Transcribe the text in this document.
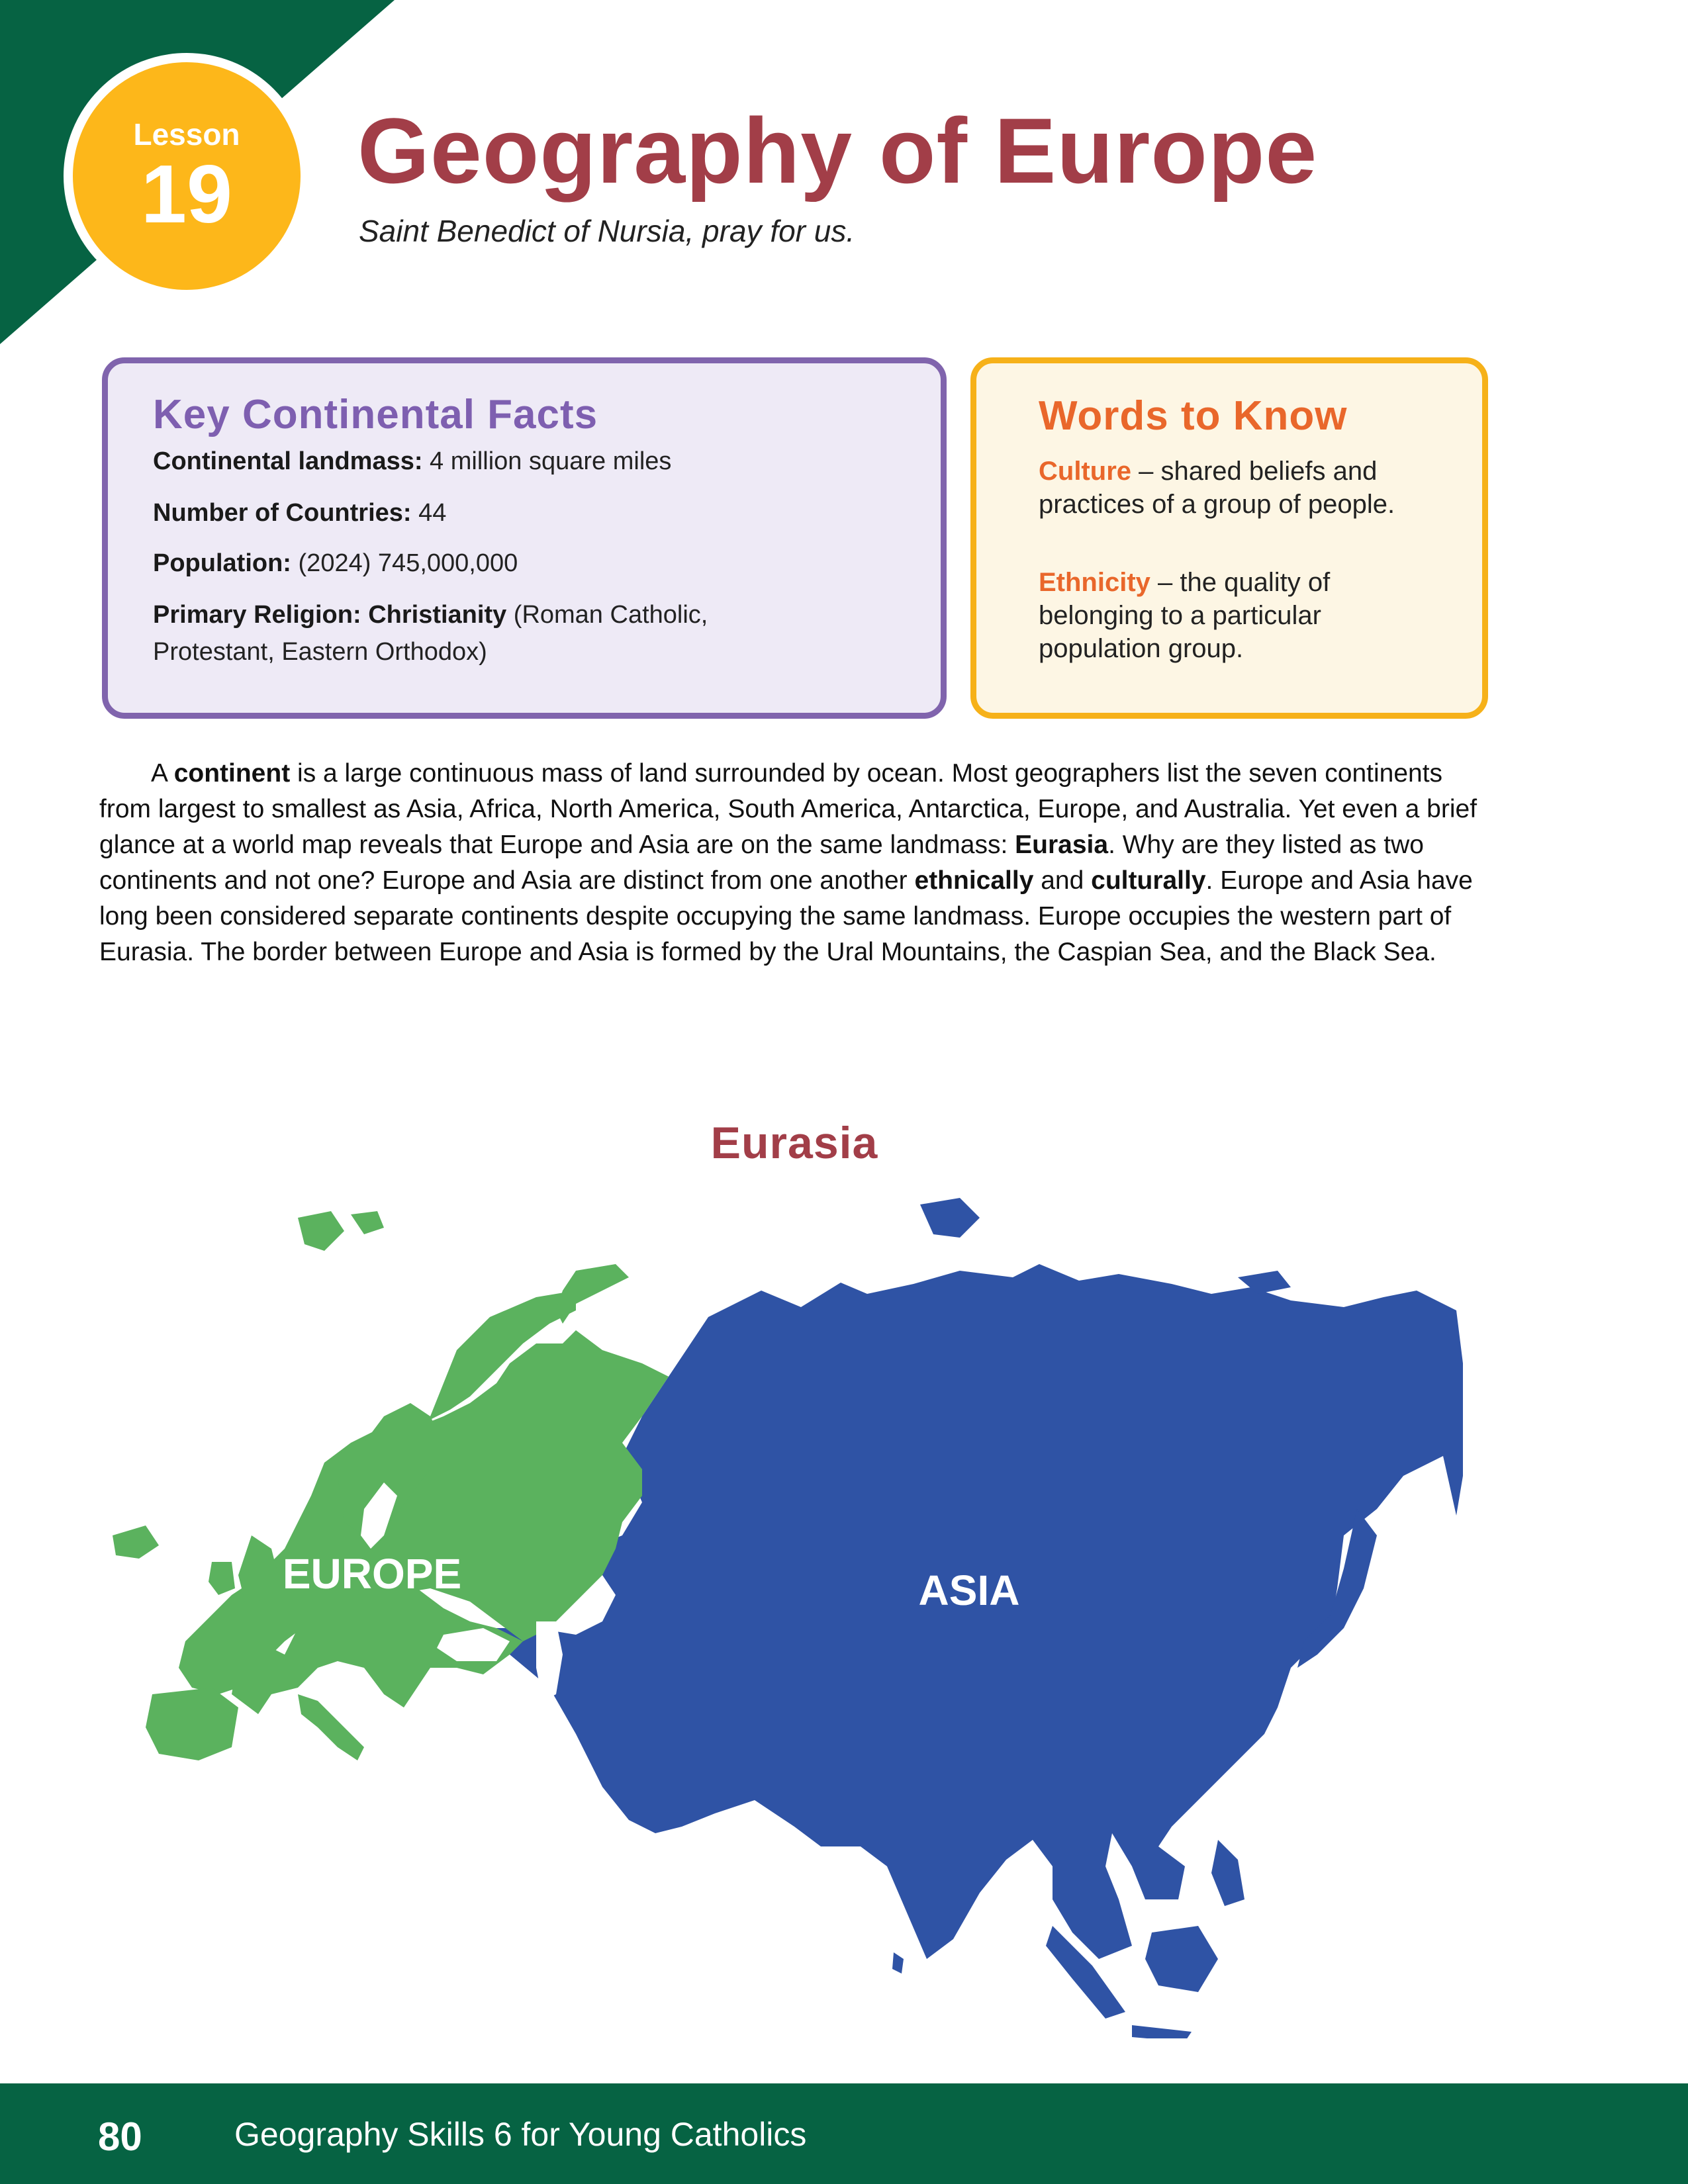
Lesson
19	Geography of Europe
Saint Benedict of Nursia, pray for us.
Key Continental Facts
Continental landmass: 4 million square miles
Number of Countries: 44
Population: (2024) 745,000,000
Primary Religion: Christianity (Roman Catholic,
Protestant, Eastern Orthodox)
Words to Know
Culture – shared beliefs and practices of a group of people.
Ethnicity – the quality of belonging to a particular population group.

  A continent is a large continuous mass of land surrounded by ocean. Most geographers list the seven continents from largest to smallest as Asia, Africa, North America, South America, Antarctica, Europe, and Australia. Yet even a brief glance at a world map reveals that Europe and Asia are on the same landmass: Eurasia. Why are they listed as two continents and not one? Europe and Asia are distinct from one another ethnically and culturally. Europe and Asia have long been considered separate continents despite occupying the same landmass. Europe occupies the western part of Eurasia. The border between Europe and Asia is formed by the Ural Mountains, the Caspian Sea, and the Black Sea.

Eurasia
EUROPE	ASIA
80	Geography Skills 6 for Young Catholics
